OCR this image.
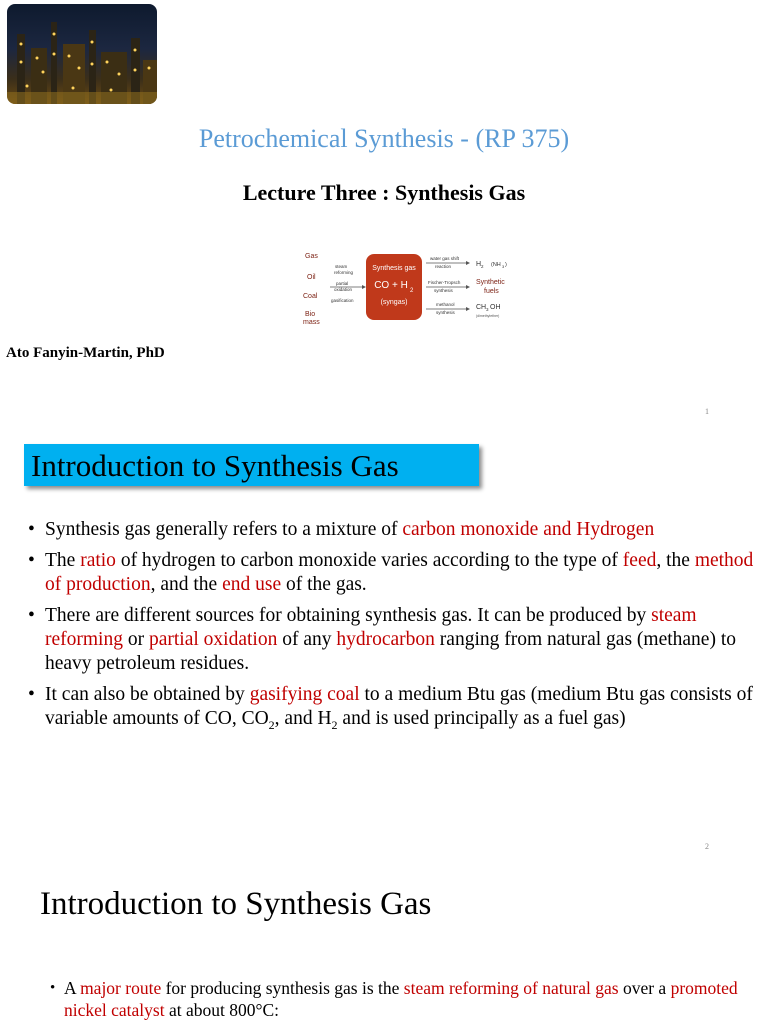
Petrochemical Synthesis - (RP 375)
Lecture Three : Synthesis Gas
Gas
Oil
Coal
Bio
mass
steam
reforming
partial
oxidation
gasification
Synthesis gas
CO + H 2
(syngas)
water gas shift
reaction
Fischer-Tropsch
synthesis
methanol
synthesis
H 2 (NH 3 )
Synthetic
fuels
CH 3 OH
(dimethylether)
Ato Fanyin-Martin, PhD
1
Introduction to Synthesis Gas
• Synthesis gas generally refers to a mixture of carbon monoxide and Hydrogen
• The ratio of hydrogen to carbon monoxide varies according to the type of feed, the method of production, and the end use of the gas.
• There are different sources for obtaining synthesis gas. It can be produced by steam reforming or partial oxidation of any hydrocarbon ranging from natural gas (methane) to heavy petroleum residues.
• It can also be obtained by gasifying coal to a medium Btu gas (medium Btu gas consists of variable amounts of CO, $CO_2$, and $H_2$ and is used principally as a fuel gas)
2
Introduction to Synthesis Gas
• A major route for producing synthesis gas is the steam reforming of natural gas over a promoted nickel catalyst at about 800°C:
